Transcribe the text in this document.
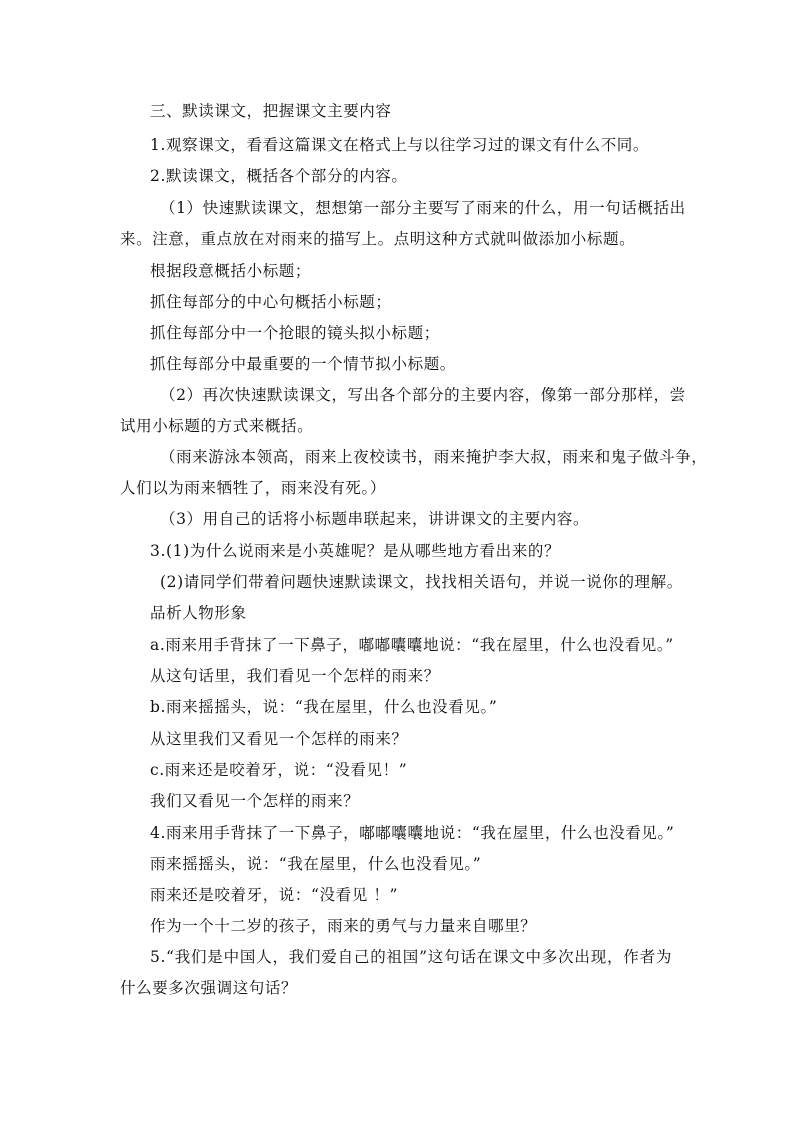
三、默读课文，把握课文主要内容
1.观察课文，看看这篇课文在格式上与以往学习过的课文有什么不同。
2.默读课文，概括各个部分的内容。
（1）快速默读课文，想想第一部分主要写了雨来的什么，用一句话概括出
来。注意，重点放在对雨来的描写上。点明这种方式就叫做添加小标题。
根据段意概括小标题；
抓住每部分的中心句概括小标题；
抓住每部分中一个抢眼的镜头拟小标题；
抓住每部分中最重要的一个情节拟小标题。
（2）再次快速默读课文，写出各个部分的主要内容，像第一部分那样，尝
试用小标题的方式来概括。
（雨来游泳本领高，雨来上夜校读书，雨来掩护李大叔，雨来和鬼子做斗争，
人们以为雨来牺牲了，雨来没有死。）
（3）用自己的话将小标题串联起来，讲讲课文的主要内容。
3.(1)为什么说雨来是小英雄呢？是从哪些地方看出来的？
(2)请同学们带着问题快速默读课文，找找相关语句，并说一说你的理解。
品析人物形象
a.雨来用手背抹了一下鼻子，嘟嘟囔囔地说：“我在屋里，什么也没看见。”
从这句话里，我们看见一个怎样的雨来？
b.雨来摇摇头，说：“我在屋里，什么也没看见。”
从这里我们又看见一个怎样的雨来？
c.雨来还是咬着牙，说：“没看见！”
我们又看见一个怎样的雨来？
4.雨来用手背抹了一下鼻子，嘟嘟囔囔地说：“我在屋里，什么也没看见。”
雨来摇摇头，说：“我在屋里，什么也没看见。”
雨来还是咬着牙，说：“没看见 ！”
作为一个十二岁的孩子，雨来的勇气与力量来自哪里？
5.“我们是中国人，我们爱自己的祖国”这句话在课文中多次出现，作者为
什么要多次强调这句话？
